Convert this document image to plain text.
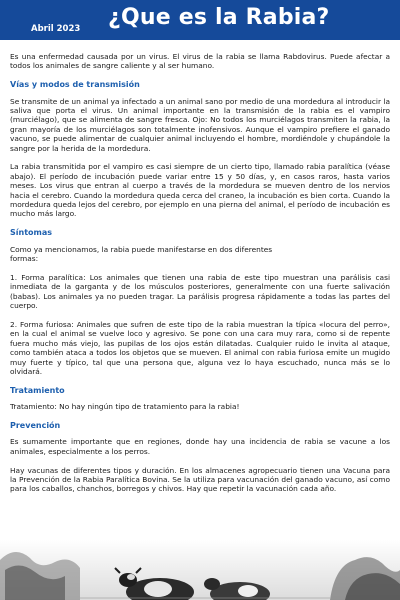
Abril 2023 ¿Que es la Rabia?

Es una enfermedad causada por un virus. El virus de la rabia se llama Rabdovirus. Puede afectar a todos los animales de sangre caliente y al ser humano.

Vías y modos de transmisión

Se transmite de un animal ya infectado a un animal sano por medio de una mordedura al introducir la saliva que porta el virus. Un animal importante en la transmisión de la rabia es el vampiro (murciélago), que se alimenta de sangre fresca. Ojo: No todos los murciélagos transmiten la rabia, la gran mayoría de los murciélagos son totalmente inofensivos. Aunque el vampiro prefiere el ganado vacuno, se puede alimentar de cualquier animal incluyendo el hombre, mordiéndole y chupándole la sangre por la herida de la mordedura.

La rabia transmitida por el vampiro es casi siempre de un cierto tipo, llamado rabia paralítica (véase abajo). El período de incubación puede variar entre 15 y 50 días, y, en casos raros, hasta varios meses. Los virus que entran al cuerpo a través de la mordedura se mueven dentro de los nervios hacia el cerebro. Cuando la mordedura queda cerca del craneo, la incubación es bien corta. Cuando la mordedura queda lejos del cerebro, por ejemplo en una pierna del animal, el período de incubación es mucho más largo.

Síntomas

Como ya mencionamos, la rabia puede manifestarse en dos diferentes

formas:

1. Forma paralítica: Los animales que tienen una rabia de este tipo muestran una parálisis casi inmediata de la garganta y de los músculos posteriores, generalmente con una fuerte salivación (babas). Los animales ya no pueden tragar. La parálisis progresa rápidamente a todas las partes del cuerpo.

2. Forma furiosa: Animales que sufren de este tipo de la rabia muestran la típica «locura del perro», en la cual el animal se vuelve loco y agresivo. Se pone con una cara muy rara, como si de repente fuera mucho más viejo, las pupilas de los ojos están dilatadas. Cualquier ruido le invita al ataque, como también ataca a todos los objetos que se mueven. El animal con rabia furiosa emite un mugido muy fuerte y típico, tal que una persona que, alguna vez lo haya escuchado, nunca más se lo olvidará.

Tratamiento

Tratamiento: No hay ningún tipo de tratamiento para la rabia!

Prevención

Es sumamente importante que en regiones, donde hay una incidencia de rabia se vacune a los animales, especialmente a los perros.

Hay vacunas de diferentes tipos y duración. En los almacenes agropecuario tienen una Vacuna para la Prevención de la Rabia Paralítica Bovina. Se la utiliza para vacunación del ganado vacuno, así como para los caballos, chanchos, borregos y chivos. Hay que repetir la vacunación cada año.
